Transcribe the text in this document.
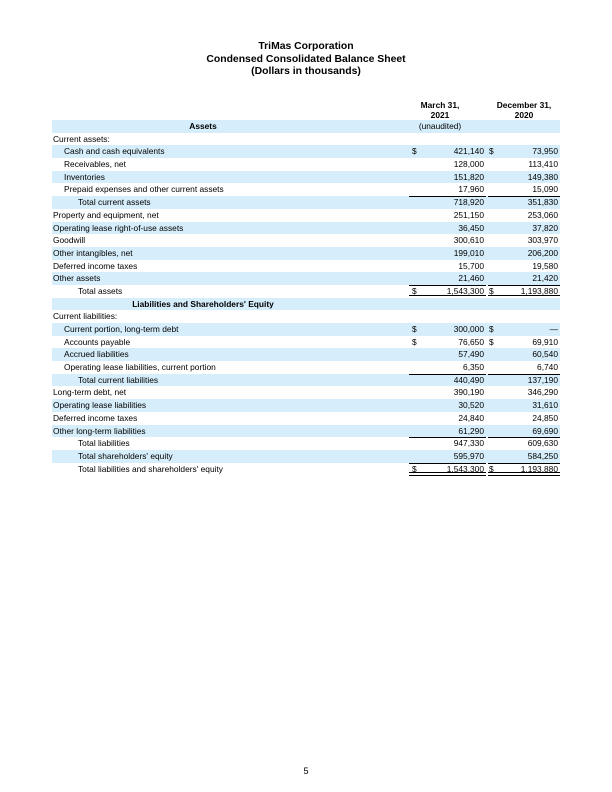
TriMas Corporation
Condensed Consolidated Balance Sheet
(Dollars in thousands)
March 31,
2021
December 31,
2020
Assets	(unaudited)
Current assets:
Cash and cash equivalents	$	421,140 $	73,950
Receivables, net	128,000	113,410
Inventories	151,820	149,380
Prepaid expenses and other current assets	17,960	15,090
Total current assets	718,920	351,830
Property and equipment, net	251,150	253,060
Operating lease right-of-use assets	36,450	37,820
Goodwill	300,610	303,970
Other intangibles, net	199,010	206,200
Deferred income taxes	15,700	19,580
Other assets	21,460	21,420
Total assets	$	1,543,300 $	1,193,880
Liabilities and Shareholders' Equity
Current liabilities:
Current portion, long-term debt	$	300,000 $	—
Accounts payable	$	76,650 $	69,910
Accrued liabilities	57,490	60,540
Operating lease liabilities, current portion	6,350	6,740
Total current liabilities	440,490	137,190
Long-term debt, net	390,190	346,290
Operating lease liabilities	30,520	31,610
Deferred income taxes	24,840	24,850
Other long-term liabilities	61,290	69,690
Total liabilities	947,330	609,630
Total shareholders' equity	595,970	584,250
Total liabilities and shareholders' equity	$	1,543,300 $	1,193,880
5
